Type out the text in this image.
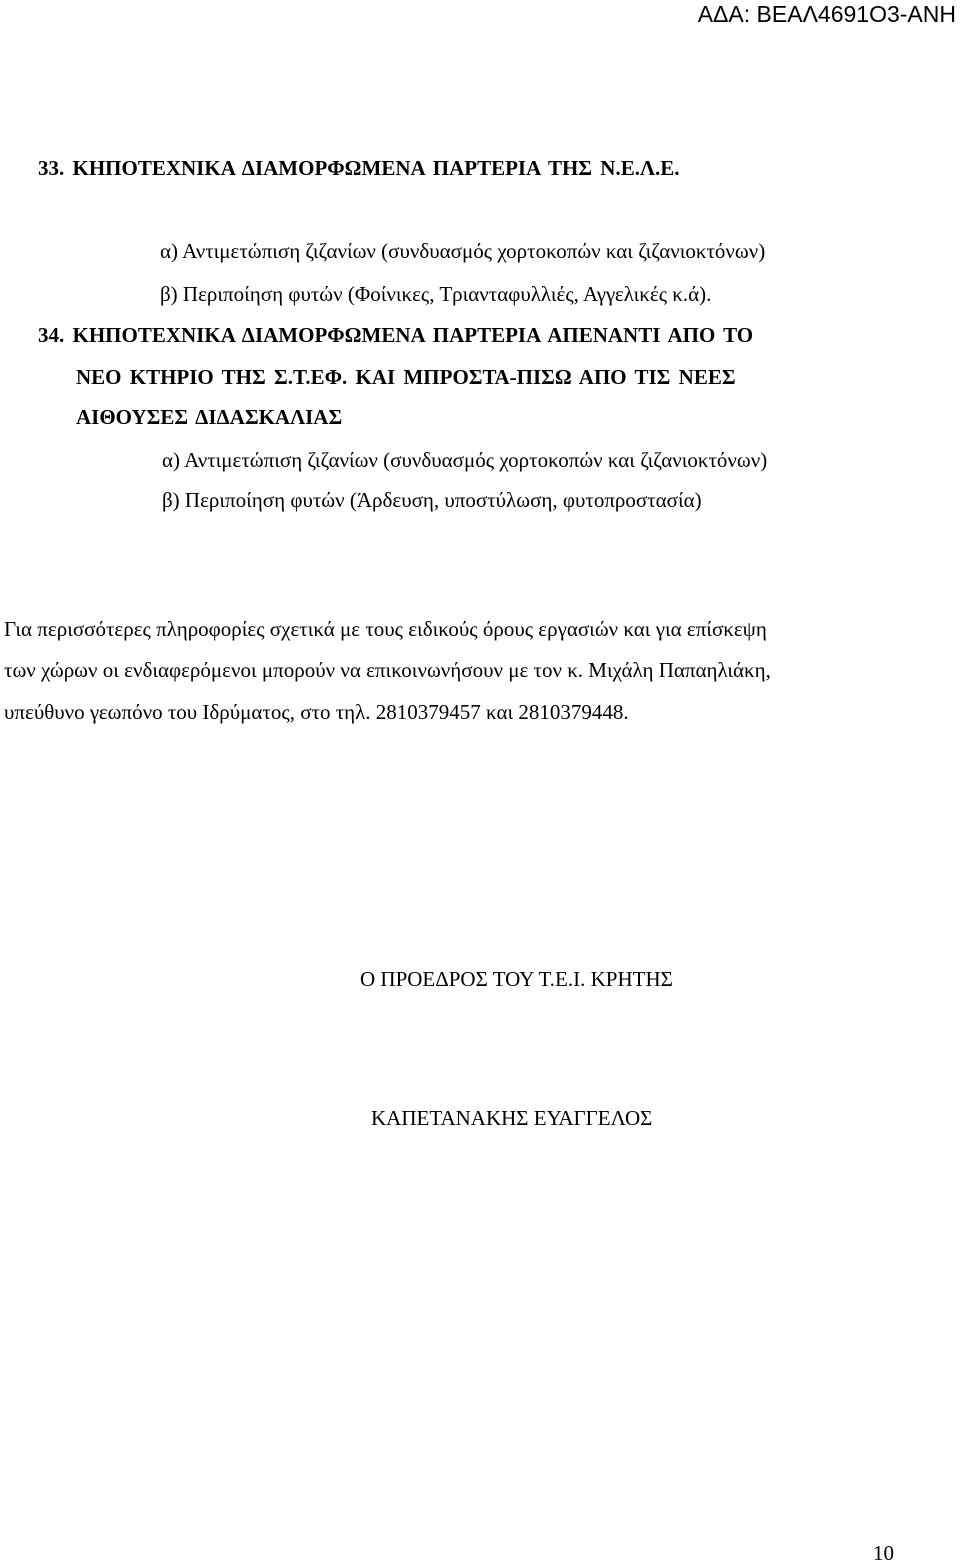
ΑΔΑ: ΒΕΑΛ4691Ο3-ΑΝΗ
33. ΚΗΠΟΤΕΧΝΙΚΑ ΔΙΑΜΟΡΦΩΜΕΝΑ ΠΑΡΤΕΡΙΑ ΤΗΣ Ν.Ε.Λ.Ε.
α) Αντιμετώπιση ζιζανίων (συνδυασμός χορτοκοπών και ζιζανιοκτόνων)
β) Περιποίηση φυτών (Φοίνικες, Τριανταφυλλιές, Αγγελικές κ.ά).
34. ΚΗΠΟΤΕΧΝΙΚΑ ΔΙΑΜΟΡΦΩΜΕΝΑ ΠΑΡΤΕΡΙΑ ΑΠΕΝΑΝΤΙ ΑΠΟ ΤΟ
ΝΕΟ ΚΤΗΡΙΟ ΤΗΣ Σ.Τ.ΕΦ. ΚΑΙ ΜΠΡΟΣΤΑ-ΠΙΣΩ ΑΠΟ ΤΙΣ ΝΕΕΣ
ΑΙΘΟΥΣΕΣ ΔΙΔΑΣΚΑΛΙΑΣ
α) Αντιμετώπιση ζιζανίων (συνδυασμός χορτοκοπών και ζιζανιοκτόνων)
β) Περιποίηση φυτών (Άρδευση, υποστύλωση, φυτοπροστασία)
Για περισσότερες πληροφορίες σχετικά με τους ειδικούς όρους εργασιών και για επίσκεψη
των χώρων οι ενδιαφερόμενοι μπορούν να επικοινωνήσουν με τον κ. Μιχάλη Παπαηλιάκη,
υπεύθυνο γεωπόνο του Ιδρύματος, στο τηλ. 2810379457 και 2810379448.
Ο ΠΡΟΕΔΡΟΣ ΤΟΥ Τ.Ε.Ι. ΚΡΗΤΗΣ
ΚΑΠΕΤΑΝΑΚΗΣ ΕΥΑΓΓΕΛΟΣ
10
